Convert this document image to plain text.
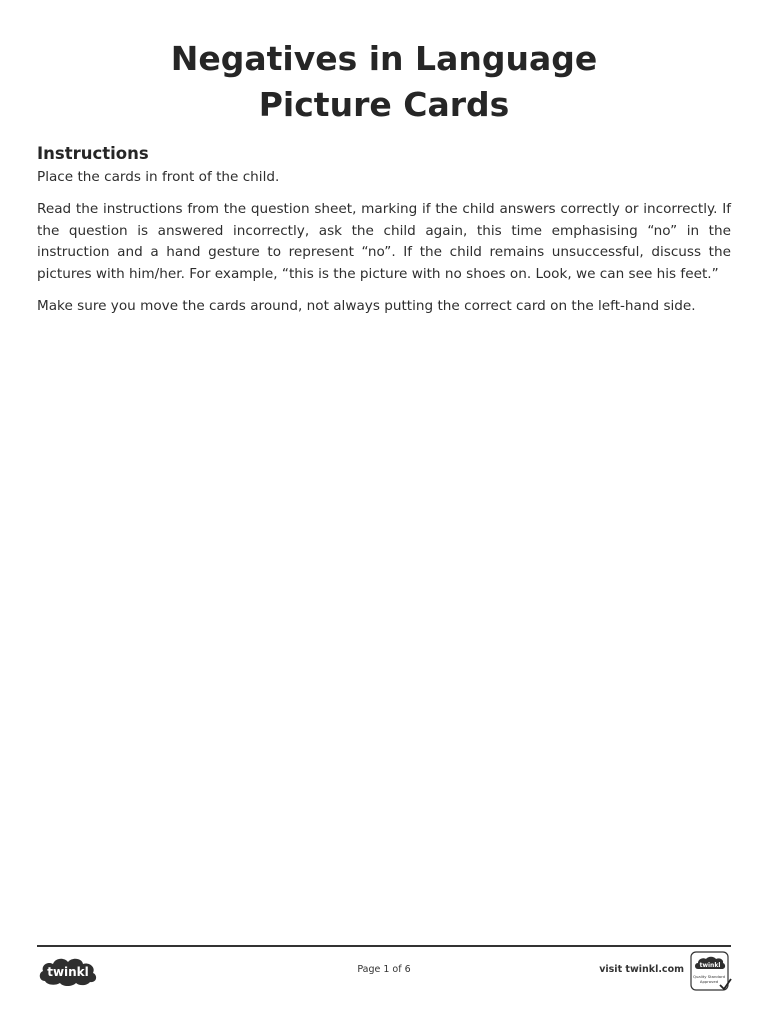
Negatives in Language
Picture Cards
Instructions

Place the cards in front of the child.

Read the instructions from the question sheet, marking if the child answers correctly or incorrectly. If the question is answered incorrectly, ask the child again, this time emphasising “no” in the instruction and a hand gesture to represent “no”. If the child remains unsuccessful, discuss the pictures with him/her. For example, “this is the picture with no shoes on. Look, we can see his feet.”

Make sure you move the cards around, not always putting the correct card on the left-hand side.

twinkl	Page 1 of 6	visit twinkl.com	twinkl
Quality Standard
Approved
